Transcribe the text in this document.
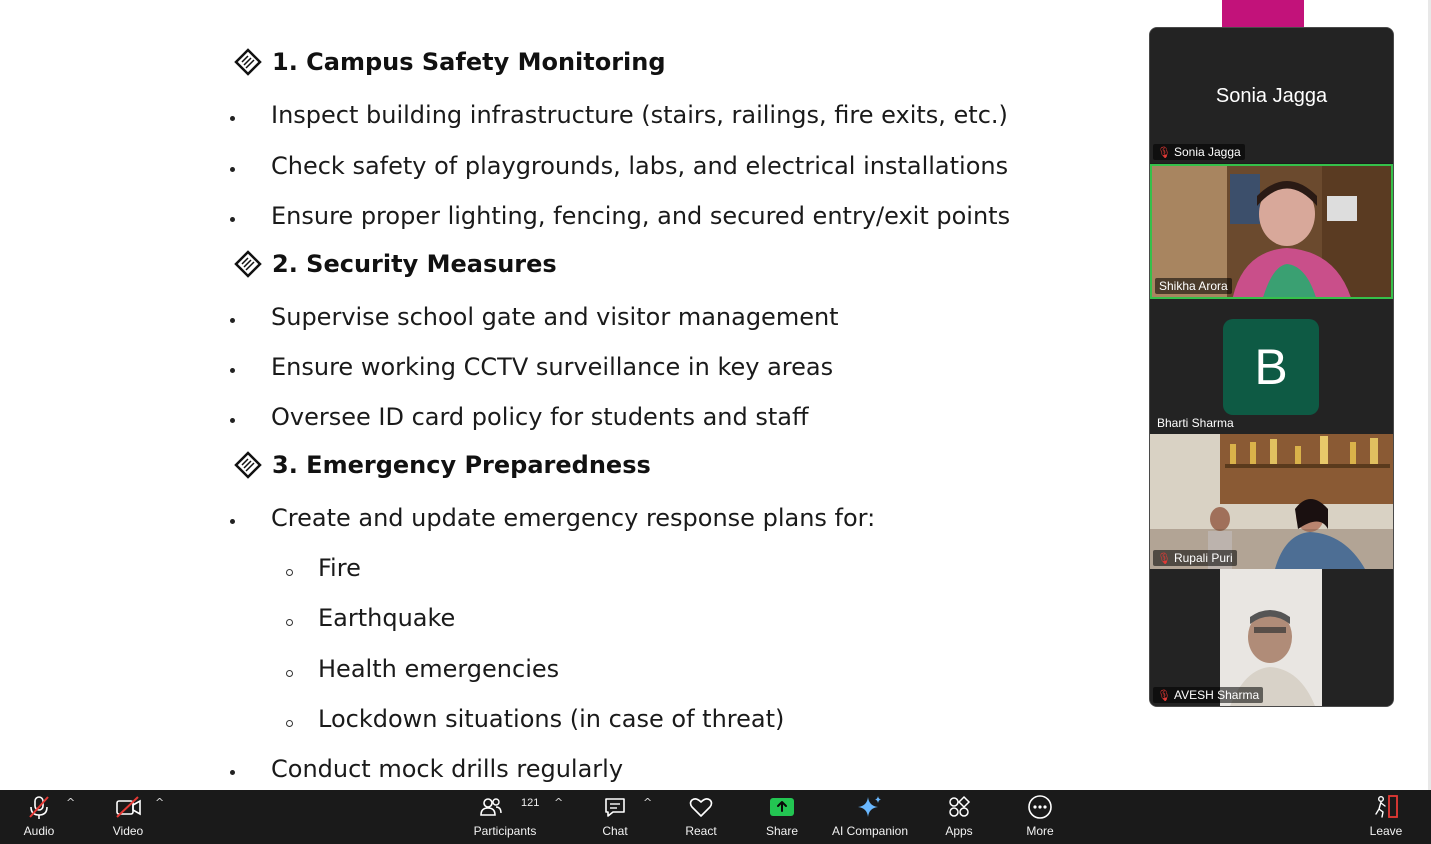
1. Campus Safety Monitoring
Inspect building infrastructure (stairs, railings, fire exits, etc.)
Check safety of playgrounds, labs, and electrical installations
Ensure proper lighting, fencing, and secured entry/exit points
2. Security Measures
Supervise school gate and visitor management
Ensure working CCTV surveillance in key areas
Oversee ID card policy for students and staff
3. Emergency Preparedness
Create and update emergency response plans for:
Fire
Earthquake
Health emergencies
Lockdown situations (in case of threat)
Conduct mock drills regularly
Sonia Jagga
🎙 Sonia Jagga
Shikha Arora
B
Bharti Sharma
🎙 Rupali Puri
🎙 AVESH Sharma
Audio
^
Video
^
Participants
121 ^
Chat
^
React	Share	AI Companion	Apps	More	Leave
